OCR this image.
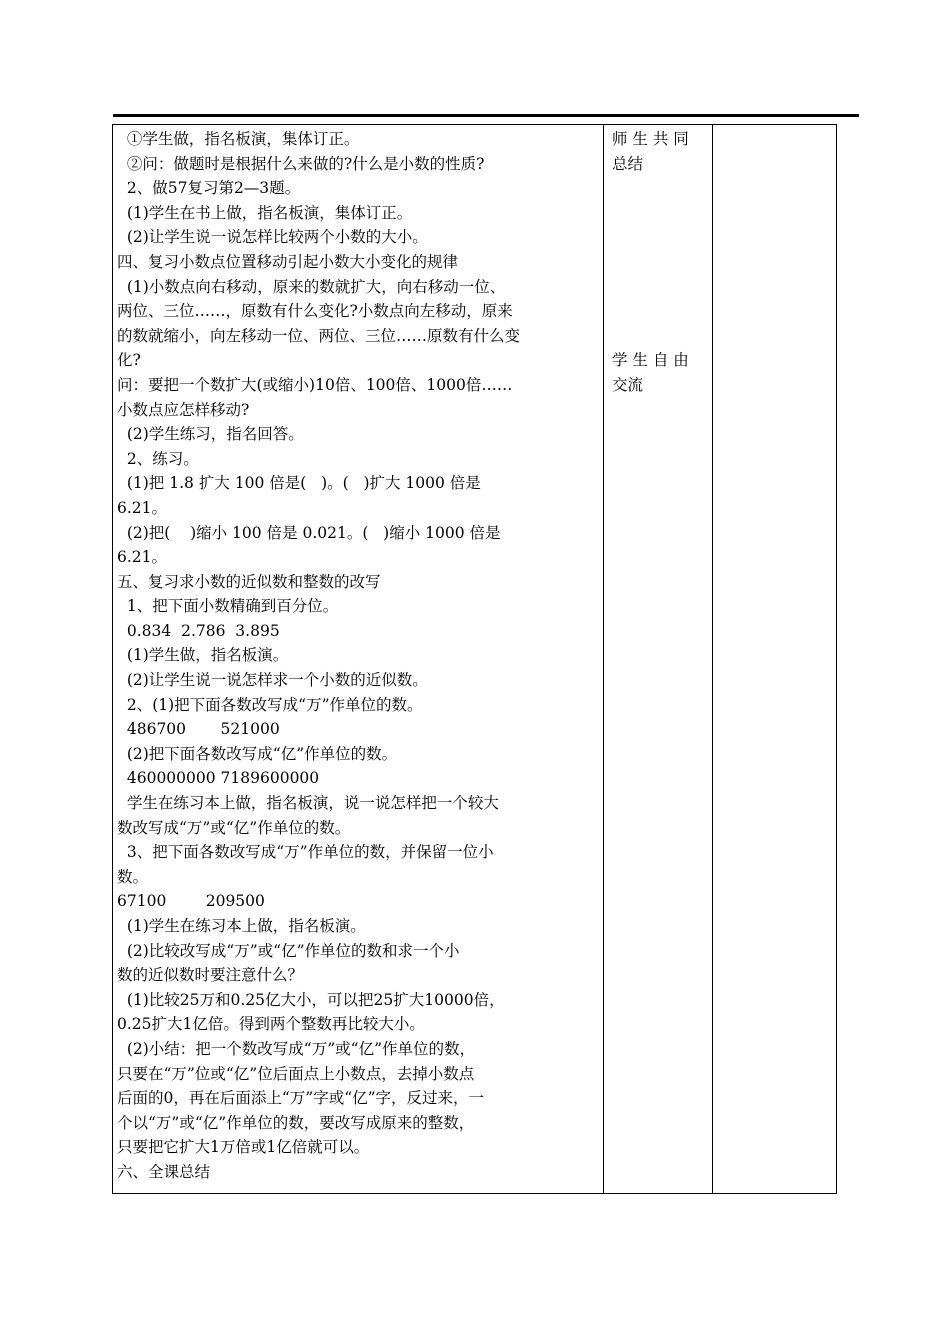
①学生做，指名板演，集体订正。
②问：做题时是根据什么来做的?什么是小数的性质?
2、做57复习第2—3题。
(1)学生在书上做，指名板演，集体订正。
(2)让学生说一说怎样比较两个小数的大小。
四、复习小数点位置移动引起小数大小变化的规律
(1)小数点向右移动，原来的数就扩大，向右移动一位、
两位、三位……，原数有什么变化?小数点向左移动，原来
的数就缩小，向左移动一位、两位、三位……原数有什么变
化?
问：要把一个数扩大(或缩小)10倍、100倍、1000倍……
小数点应怎样移动?
(2)学生练习，指名回答。
2、练习。
(1)把 1.8 扩大 100 倍是(   )。(   )扩大 1000 倍是
6.21。
(2)把(    )缩小 100 倍是 0.021。(   )缩小 1000 倍是
6.21。
五、复习求小数的近似数和整数的改写
1、把下面小数精确到百分位。
0.834  2.786  3.895
(1)学生做，指名板演。
(2)让学生说一说怎样求一个小数的近似数。
2、(1)把下面各数改写成“万”作单位的数。
486700       521000
(2)把下面各数改写成“亿”作单位的数。
460000000 7189600000
学生在练习本上做，指名板演，说一说怎样把一个较大
数改写成“万”或“亿”作单位的数。
3、把下面各数改写成“万”作单位的数，并保留一位小
数。
67100        209500
(1)学生在练习本上做，指名板演。
(2)比较改写成“万”或“亿”作单位的数和求一个小
数的近似数时要注意什么？
(1)比较25万和0.25亿大小，可以把25扩大10000倍，
0.25扩大1亿倍。得到两个整数再比较大小。
(2)小结：把一个数改写成“万”或“亿”作单位的数，
只要在“万”位或“亿”位后面点上小数点，去掉小数点
后面的0，再在后面添上“万”字或“亿”字，反过来，一
个以“万”或“亿”作单位的数，要改写成原来的整数，
只要把它扩大1万倍或1亿倍就可以。
六、全课总结

师 生 共 同
总结
学 生 自 由
交流
